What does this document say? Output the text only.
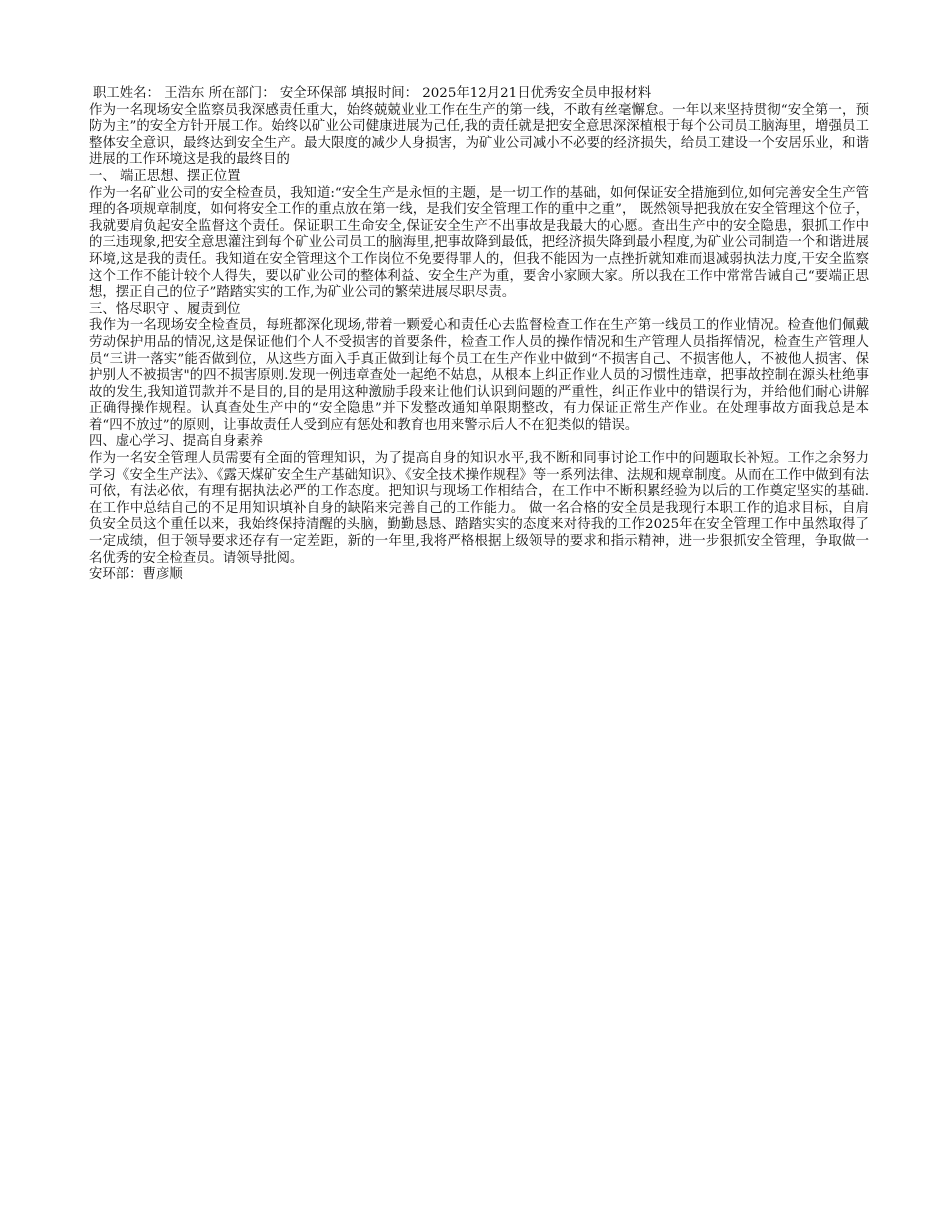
职工姓名： 王浩东 所在部门： 安全环保部 填报时间： 2025年12月21日优秀安全员申报材料

作为一名现场安全监察员我深感责任重大，始终兢兢业业工作在生产的第一线，不敢有丝毫懈怠。一年以来坚持贯彻“安全第一，预防为主”的安全方针开展工作。始终以矿业公司健康进展为己任,我的责任就是把安全意思深深植根于每个公司员工脑海里，增强员工整体安全意识，最终达到安全生产。最大限度的减少人身损害，为矿业公司减小不必要的经济损失，给员工建设一个安居乐业，和谐进展的工作环境这是我的最终目的

一、 端正思想、摆正位置

作为一名矿业公司的安全检查员，我知道:“安全生产是永恒的主题，是一切工作的基础，如何保证安全措施到位,如何完善安全生产管理的各项规章制度，如何将安全工作的重点放在第一线，是我们安全管理工作的重中之重”， 既然领导把我放在安全管理这个位子，我就要肩负起安全监督这个责任。保证职工生命安全,保证安全生产不出事故是我最大的心愿。查出生产中的安全隐患，狠抓工作中的三违现象,把安全意思灌注到每个矿业公司员工的脑海里,把事故降到最低，把经济损失降到最小程度,为矿业公司制造一个和谐进展环境,这是我的责任。我知道在安全管理这个工作岗位不免要得罪人的，但我不能因为一点挫折就知难而退减弱执法力度,干安全监察这个工作不能计较个人得失，要以矿业公司的整体利益、安全生产为重，要舍小家顾大家。所以我在工作中常常告诫自己“要端正思想，摆正自己的位子”踏踏实实的工作,为矿业公司的繁荣进展尽职尽责。

三、恪尽职守 、履责到位

我作为一名现场安全检查员，每班都深化现场,带着一颗爱心和责任心去监督检查工作在生产第一线员工的作业情况。检查他们佩戴劳动保护用品的情况,这是保证他们个人不受损害的首要条件，检查工作人员的操作情况和生产管理人员指挥情况，检查生产管理人员“三讲一落实”能否做到位，从这些方面入手真正做到让每个员工在生产作业中做到“不损害自己、不损害他人，不被他人损害、保护别人不被损害"的四不损害原则.发现一例违章查处一起绝不姑息，从根本上纠正作业人员的习惯性违章，把事故控制在源头杜绝事故的发生,我知道罚款并不是目的,目的是用这种激励手段来让他们认识到问题的严重性，纠正作业中的错误行为，并给他们耐心讲解正确得操作规程。认真查处生产中的“安全隐患”并下发整改通知单限期整改，有力保证正常生产作业。在处理事故方面我总是本着“四不放过”的原则，让事故责任人受到应有惩处和教育也用来警示后人不在犯类似的错误。

四、虚心学习、提高自身素养

作为一名安全管理人员需要有全面的管理知识，为了提高自身的知识水平,我不断和同事讨论工作中的问题取长补短。工作之余努力学习《安全生产法》、《露天煤矿安全生产基础知识》、《安全技术操作规程》等一系列法律、法规和规章制度。从而在工作中做到有法可依，有法必依，有理有据执法必严的工作态度。把知识与现场工作相结合，在工作中不断积累经验为以后的工作奠定坚实的基础.在工作中总结自己的不足用知识填补自身的缺陷来完善自己的工作能力。 做一名合格的安全员是我现行本职工作的追求目标，自肩负安全员这个重任以来，我始终保持清醒的头脑，勤勤恳恳、踏踏实实的态度来对待我的工作2025年在安全管理工作中虽然取得了一定成绩，但于领导要求还存有一定差距，新的一年里,我将严格根据上级领导的要求和指示精神，进一步狠抓安全管理，争取做一名优秀的安全检查员。请领导批阅。

安环部：曹彦顺
